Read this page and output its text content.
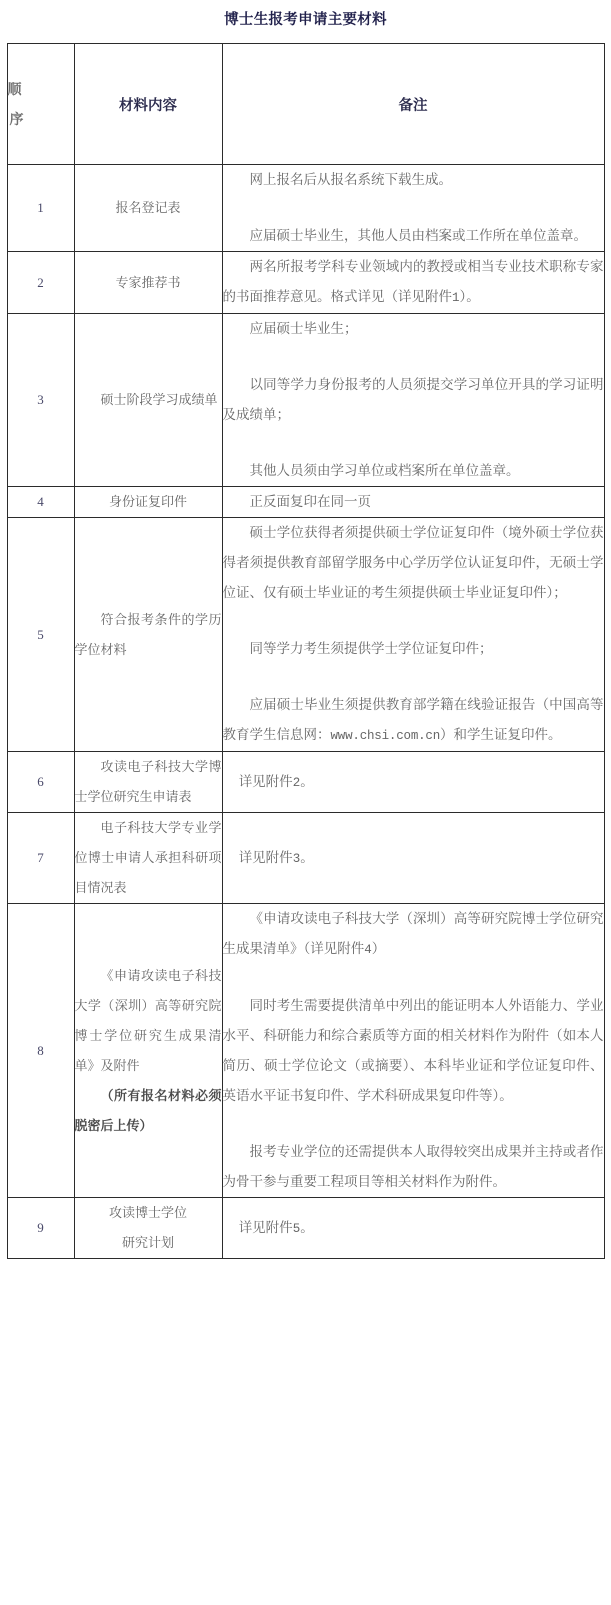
博士生报考申请主要材料
顺
序	材料内容	备注
1	报名登记表	网上报名后从报名系统下载生成。
应届硕士毕业生，其他人员由档案或工作所在单位盖章。

2	专家推荐书	两名所报考学科专业领域内的教授或相当专业技术职称专家的书面推荐意见。格式详见（详见附件1）。

3	硕士阶段学习成绩单	应届硕士毕业生；
以同等学力身份报考的人员须提交学习单位开具的学习证明及成绩单；
其他人员须由学习单位或档案所在单位盖章。

4	身份证复印件	正反面复印在同一页

5	符合报考条件的学历学位材料	硕士学位获得者须提供硕士学位证复印件（境外硕士学位获得者须提供教育部留学服务中心学历学位认证复印件，无硕士学位证、仅有硕士毕业证的考生须提供硕士毕业证复印件）；
同等学力考生须提供学士学位证复印件；
应届硕士毕业生须提供教育部学籍在线验证报告（中国高等教育学生信息网：www.chsi.com.cn）和学生证复印件。

6	攻读电子科技大学博士学位研究生申请表	详见附件2。

7	电子科技大学专业学位博士申请人承担科研项目情况表	详见附件3。

8	《申请攻读电子科技大学（深圳）高等研究院博士学位研究生成果清单》及附件
（所有报名材料必须脱密后上传）	《申请攻读电子科技大学（深圳）高等研究院博士学位研究生成果清单》（详见附件4）
同时考生需要提供清单中列出的能证明本人外语能力、学业水平、科研能力和综合素质等方面的相关材料作为附件（如本人简历、硕士学位论文（或摘要）、本科毕业证和学位证复印件、英语水平证书复印件、学术科研成果复印件等）。
报考专业学位的还需提供本人取得较突出成果并主持或者作为骨干参与重要工程项目等相关材料作为附件。

9	攻读博士学位
研究计划	详见附件5。
